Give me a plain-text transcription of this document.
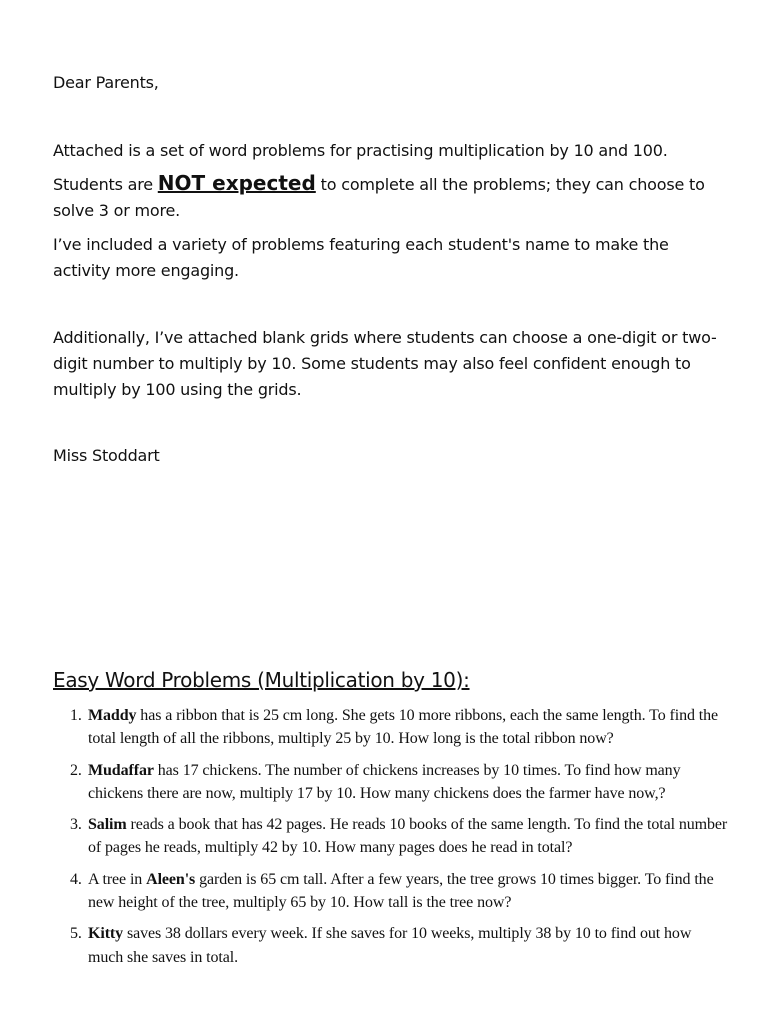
Dear Parents,

Attached is a set of word problems for practising multiplication by 10 and 100.

Students are NOT expected to complete all the problems; they can choose to solve 3 or more.

I’ve included a variety of problems featuring each student's name to make the activity more engaging.

Additionally, I’ve attached blank grids where students can choose a one-digit or two-digit number to multiply by 10. Some students may also feel confident enough to multiply by 100 using the grids.

Miss Stoddart

Easy Word Problems (Multiplication by 10):
1. Maddy has a ribbon that is 25 cm long. She gets 10 more ribbons, each the same length. To find the total length of all the ribbons, multiply 25 by 10. How long is the total ribbon now?
2. Mudaffar has 17 chickens. The number of chickens increases by 10 times. To find how many chickens there are now, multiply 17 by 10. How many chickens does the farmer have now,?
3. Salim reads a book that has 42 pages. He reads 10 books of the same length. To find the total number of pages he reads, multiply 42 by 10. How many pages does he read in total?
4. A tree in Aleen's garden is 65 cm tall. After a few years, the tree grows 10 times bigger. To find the new height of the tree, multiply 65 by 10. How tall is the tree now?
5. Kitty saves 38 dollars every week. If she saves for 10 weeks, multiply 38 by 10 to find out how much she saves in total.
